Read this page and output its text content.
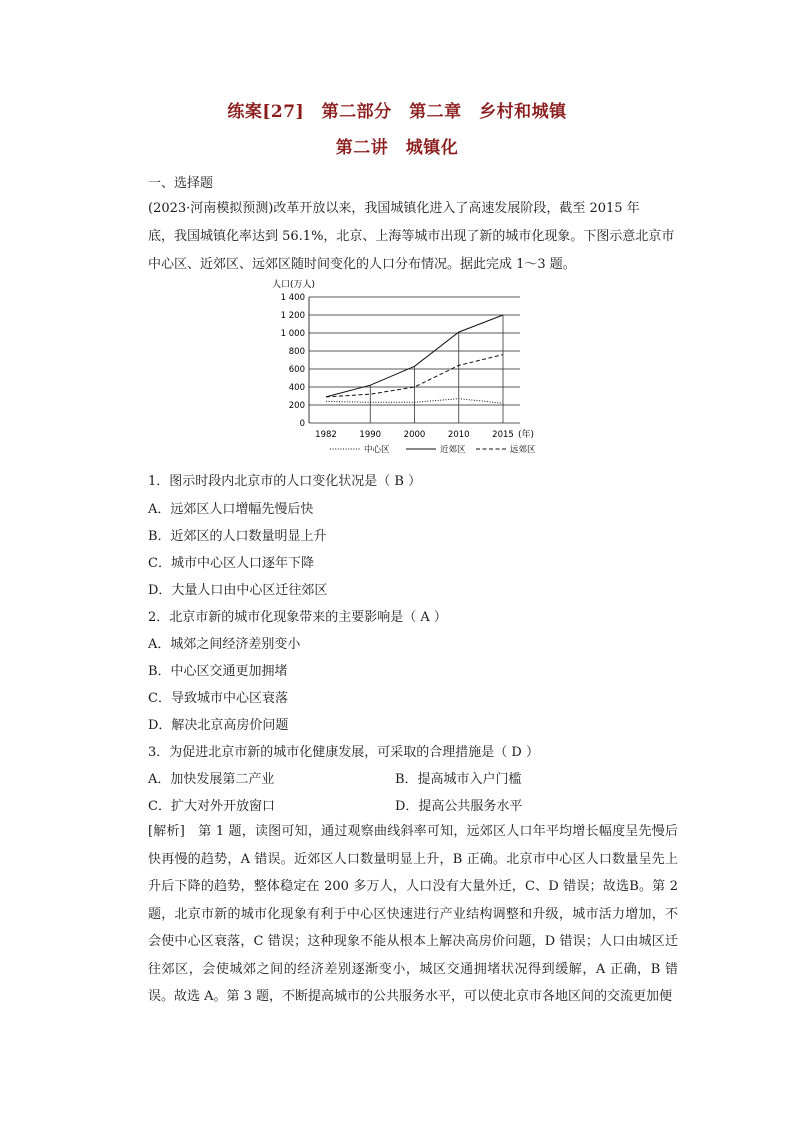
练案[27]　第二部分　第二章　乡村和城镇
第二讲　城镇化
一、选择题
(2023·河南模拟预测)改革开放以来，我国城镇化进入了高速发展阶段，截至 2015 年
底，我国城镇化率达到 56.1%，北京、上海等城市出现了新的城市化现象。下图示意北京市
中心区、近郊区、远郊区随时间变化的人口分布情况。据此完成 1～3 题。
人口(万人)
0
200
400
600
800
1 000
1 200
1 400
1982	1990	2000	2010	2015 (年)
中心区	近郊区	远郊区
1．图示时段内北京市的人口变化状况是（ B ）
A．远郊区人口增幅先慢后快
B．近郊区的人口数量明显上升
C．城市中心区人口逐年下降
D．大量人口由中心区迁往郊区
2．北京市新的城市化现象带来的主要影响是（ A ）
A．城郊之间经济差别变小
B．中心区交通更加拥堵
C．导致城市中心区衰落
D．解决北京高房价问题
3．为促进北京市新的城市化健康发展，可采取的合理措施是（ D ）
A．加快发展第二产业	B．提高城市入户门槛
C．扩大对外开放窗口	D．提高公共服务水平
[解析]　第 1 题，读图可知，通过观察曲线斜率可知，远郊区人口年平均增长幅度呈先慢后快再慢的趋势，A 错误。近郊区人口数量明显上升，B 正确。北京市中心区人口数量呈先上升后下降的趋势，整体稳定在 200 多万人，人口没有大量外迁，C、D 错误；故选B。第 2 题，北京市新的城市化现象有利于中心区快速进行产业结构调整和升级，城市活力增加，不会使中心区衰落，C 错误；这种现象不能从根本上解决高房价问题，D 错误；人口由城区迁往郊区，会使城郊之间的经济差别逐渐变小，城区交通拥堵状况得到缓解，A 正确，B 错误。故选 A。第 3 题，不断提高城市的公共服务水平，可以使北京市各地区间的交流更加便
